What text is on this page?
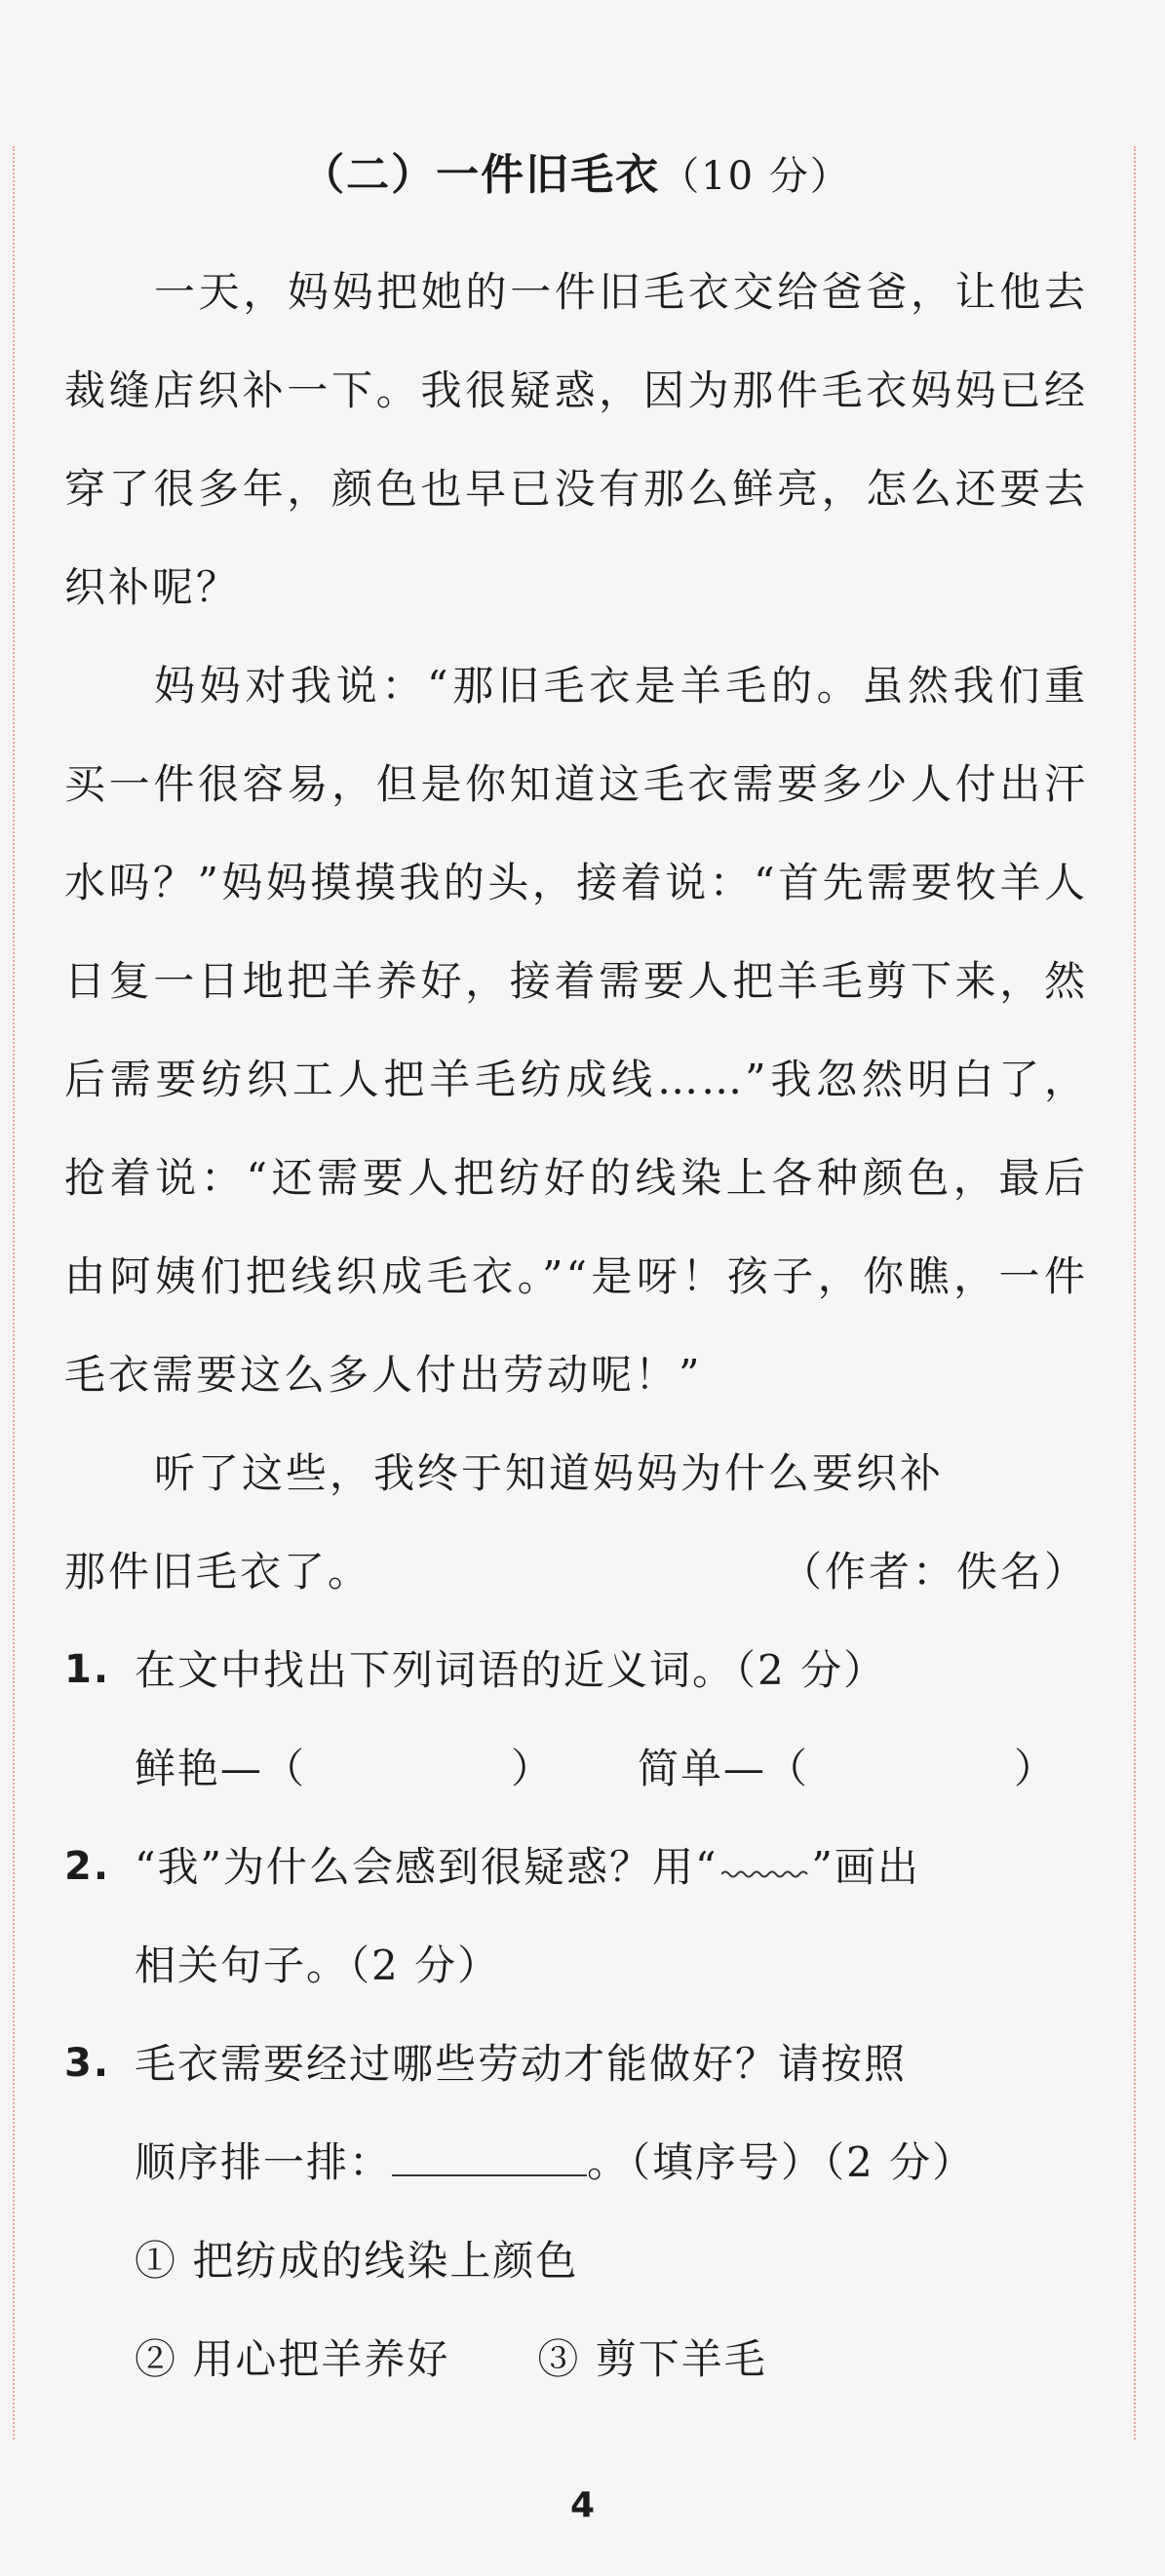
（二）一件旧毛衣（10 分）

一天，妈妈把她的一件旧毛衣交给爸爸，让他去裁缝店织补一下。我很疑惑，因为那件毛衣妈妈已经穿了很多年，颜色也早已没有那么鲜亮，怎么还要去织补呢？

妈妈对我说：“那旧毛衣是羊毛的。虽然我们重买一件很容易，但是你知道这毛衣需要多少人付出汗水吗？”妈妈摸摸我的头，接着说：“首先需要牧羊人日复一日地把羊养好，接着需要人把羊毛剪下来，然后需要纺织工人把羊毛纺成线……”我忽然明白了，抢着说：“还需要人把纺好的线染上各种颜色，最后由阿姨们把线织成毛衣。”“是呀！孩子，你瞧，一件毛衣需要这么多人付出劳动呢！”

听了这些，我终于知道妈妈为什么要织补

那件旧毛衣了。	（作者：佚名）
1. 在文中找出下列词语的近义词。（2 分）
鲜艳—（	） 简单—（	）
2. “我”为什么会感到很疑惑？用“ ”画出
相关句子。（2 分）
3. 毛衣需要经过哪些劳动才能做好？请按照
顺序排一排：	。（填序号）（2 分）
① 把纺成的线染上颜色
② 用心把羊养好 ③ 剪下羊毛
4
